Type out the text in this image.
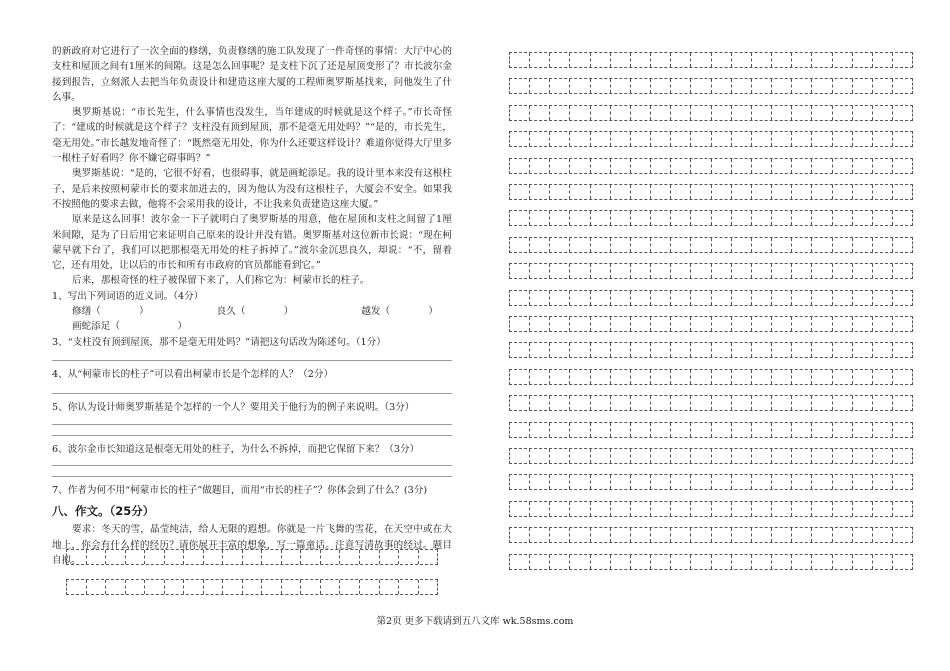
的新政府对它进行了一次全面的修缮，负责修缮的施工队发现了一件奇怪的事情：大厅中心的支柱和屋顶之间有1厘米的间隙。这是怎么回事呢？是支柱下沉了还是屋顶变形了？市长波尔金接到报告，立刻派人去把当年负责设计和建造这座大厦的工程师奥罗斯基找来，问他发生了什么事。

奥罗斯基说：“市长先生，什么事情也没发生，当年建成的时候就是这个样子。”市长奇怪了：“建成的时候就是这个样子？支柱没有顶到屋顶，那不是毫无用处吗？”“是的，市长先生，毫无用处。”市长越发地奇怪了：“既然毫无用处，你为什么还要这样设计？难道你觉得大厅里多一根柱子好看吗？你不嫌它碍事吗？”

奥罗斯基说：“是的，它很不好看，也很碍事，就是画蛇添足。我的设计里本来没有这根柱子，是后来按照柯蒙市长的要求加进去的，因为他认为没有这根柱子，大厦会不安全。如果我不按照他的要求去做，他将不会采用我的设计，不让我来负责建造这座大厦。”

原来是这么回事！波尔金一下子就明白了奥罗斯基的用意，他在屋顶和支柱之间留了1厘米间隙，是为了日后用它来证明自己原来的设计并没有错。奥罗斯基对这位新市长说：“现在柯蒙早就下台了，我们可以把那根毫无用处的柱子拆掉了。”波尔金沉思良久，却说：“不，留着它，还有用处，让以后的市长和所有市政府的官员都能看到它。”

后来，那根奇怪的柱子被保留下来了，人们称它为：柯蒙市长的柱子。

1、写出下列词语的近义词。（4分）

修缮（　　　　）	良久（　　　　）	越发（　　　　） 画蛇添足（　　　　　　）

3、“支柱没有顶到屋顶，那不是毫无用处吗？”请把这句话改为陈述句。（1分）

4、从“柯蒙市长的柱子”可以看出柯蒙市长是个怎样的人？（2分）

5、你认为设计师奥罗斯基是个怎样的一个人？要用关于他行为的例子来说明。（3分）

6、波尔金市长知道这是根毫无用处的柱子，为什么不拆掉，而把它保留下来？（3分）

7、作者为何不用“柯蒙市长的柱子”做题目，而用“市长的柱子”？你体会到了什么？(3分)

八、作文。（25分）

要求：冬天的雪，晶莹纯洁，给人无限的遐想。你就是一片飞舞的雪花，在天空中或在大地上，你会有什么样的经历？请你展开丰富的想象，写一篇童话。注意写清故事的经过。题目自拟。

第2页 更多下载请到五八文库 wk.58sms.com
